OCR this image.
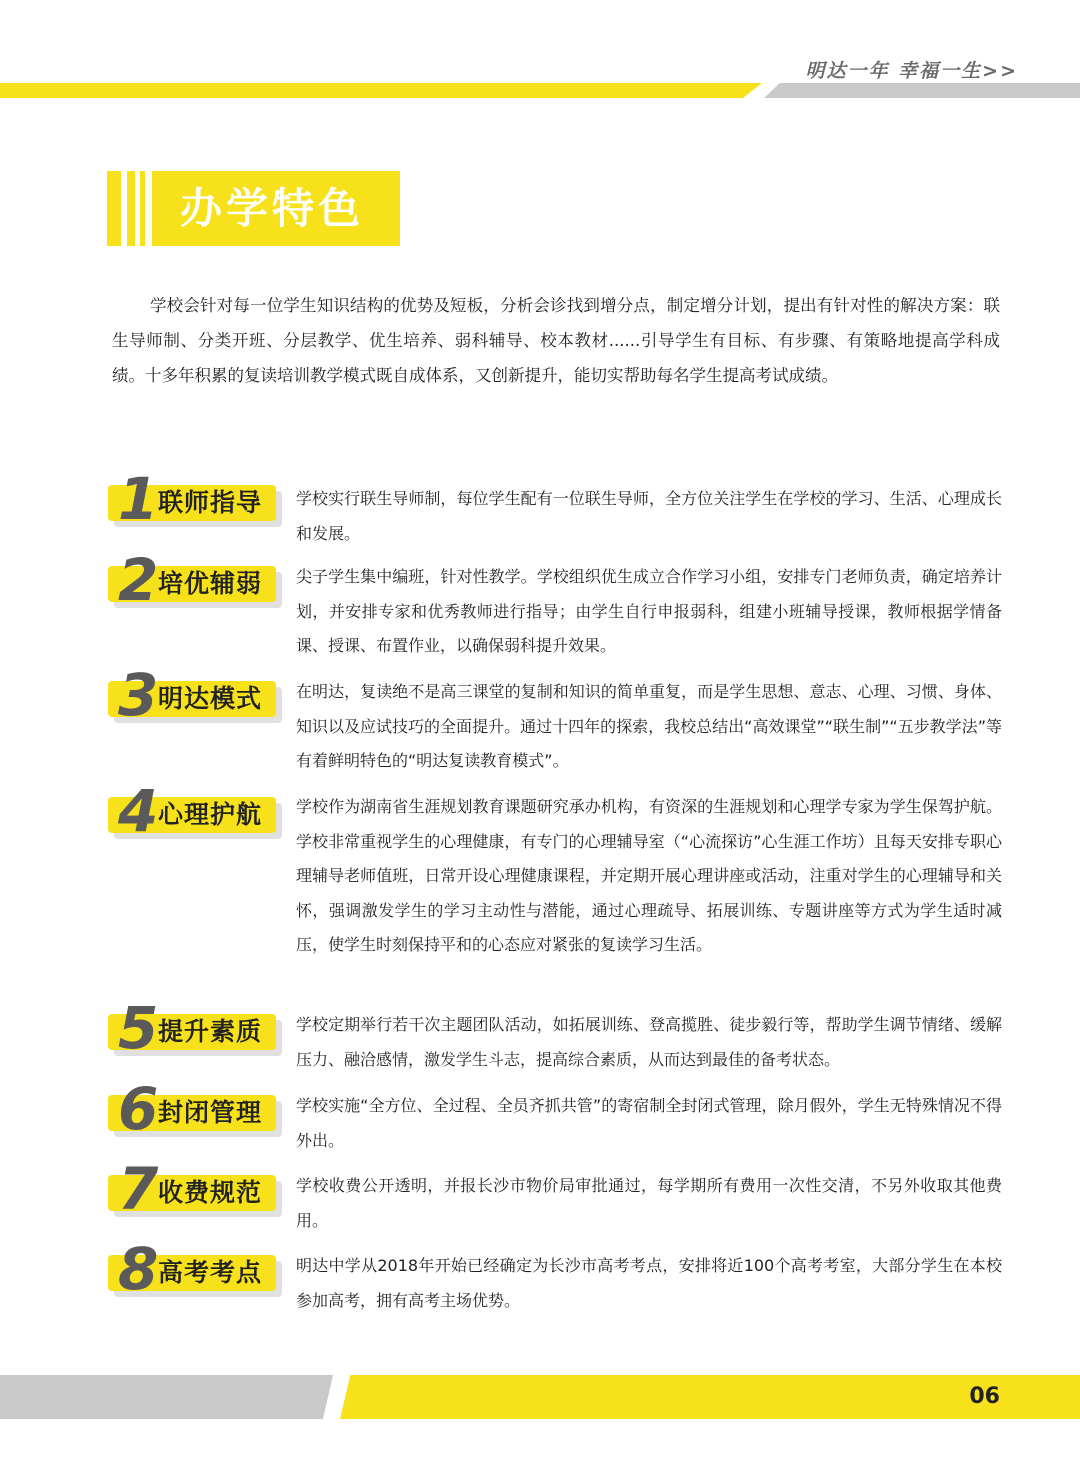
明达一年 幸福一生>>
办学特色
学校会针对每一位学生知识结构的优势及短板，分析会诊找到增分点，制定增分计划，提出有针对性的解决方案：联生导师制、分类开班、分层教学、优生培养、弱科辅导、校本教材......引导学生有目标、有步骤、有策略地提高学科成绩。十多年积累的复读培训教学模式既自成体系，又创新提升，能切实帮助每名学生提高考试成绩。
1 联师指导 学校实行联生导师制，每位学生配有一位联生导师，全方位关注学生在学校的学习、生活、心理成长和发展。
2 培优辅弱 尖子学生集中编班，针对性教学。学校组织优生成立合作学习小组，安排专门老师负责，确定培养计划，并安排专家和优秀教师进行指导；由学生自行申报弱科，组建小班辅导授课，教师根据学情备课、授课、布置作业，以确保弱科提升效果。
3 明达模式 在明达，复读绝不是高三课堂的复制和知识的简单重复，而是学生思想、意志、心理、习惯、身体、知识以及应试技巧的全面提升。通过十四年的探索，我校总结出“高效课堂”“联生制”“五步教学法”等有着鲜明特色的“明达复读教育模式”。
4 心理护航 学校作为湖南省生涯规划教育课题研究承办机构，有资深的生涯规划和心理学专家为学生保驾护航。学校非常重视学生的心理健康，有专门的心理辅导室（“心流探访”心生涯工作坊）且每天安排专职心理辅导老师值班，日常开设心理健康课程，并定期开展心理讲座或活动，注重对学生的心理辅导和关怀，强调激发学生的学习主动性与潜能，通过心理疏导、拓展训练、专题讲座等方式为学生适时减压，使学生时刻保持平和的心态应对紧张的复读学习生活。
5 提升素质 学校定期举行若干次主题团队活动，如拓展训练、登高揽胜、徒步毅行等，帮助学生调节情绪、缓解压力、融洽感情，激发学生斗志，提高综合素质，从而达到最佳的备考状态。
6 封闭管理 学校实施“全方位、全过程、全员齐抓共管”的寄宿制全封闭式管理，除月假外，学生无特殊情况不得外出。
7 收费规范 学校收费公开透明，并报长沙市物价局审批通过，每学期所有费用一次性交清，不另外收取其他费用。
8 高考考点 明达中学从2018年开始已经确定为长沙市高考考点，安排将近100个高考考室，大部分学生在本校参加高考，拥有高考主场优势。
06
